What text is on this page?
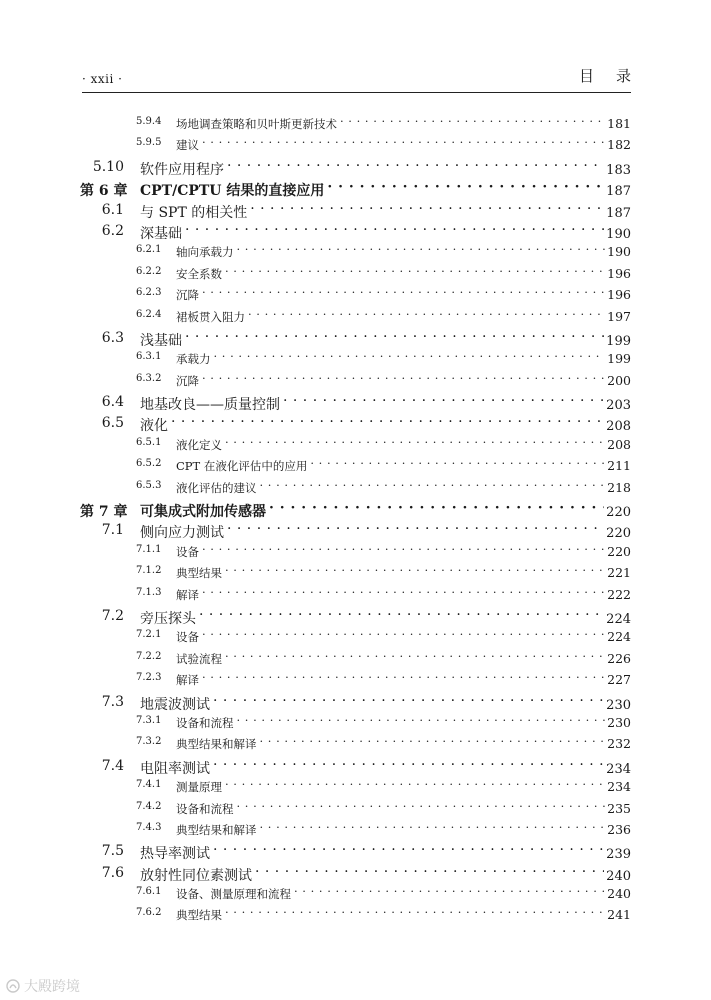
· xxii ·	目录
5.9.4 场地调查策略和贝叶斯更新技术 · · ·	181
5.9.5 建议 · · ·	182
5.10 软件应用程序 · · ·	183
第 6 章 CPT/CPTU 结果的直接应用 · · ·	187
6.1 与 SPT 的相关性 · · ·	187
6.2 深基础 · · ·	190
6.2.1 轴向承载力 · · ·	190
6.2.2 安全系数 · · ·	196
6.2.3 沉降 · · ·	196
6.2.4 裙板贯入阻力 · · ·	197
6.3 浅基础 · · ·	199
6.3.1 承载力 · · ·	199
6.3.2 沉降 · · ·	200
6.4 地基改良——质量控制 · · ·	203
6.5 液化 · · ·	208
6.5.1 液化定义 · · ·	208
6.5.2 CPT 在液化评估中的应用 · · ·	211
6.5.3 液化评估的建议 · · ·	218
第 7 章 可集成式附加传感器 · · ·	220
7.1 侧向应力测试 · · ·	220
7.1.1 设备 · · ·	220
7.1.2 典型结果 · · ·	221
7.1.3 解译 · · ·	222
7.2 旁压探头 · · ·	224
7.2.1 设备 · · ·	224
7.2.2 试验流程 · · ·	226
7.2.3 解译 · · ·	227
7.3 地震波测试 · · ·	230
7.3.1 设备和流程 · · ·	230
7.3.2 典型结果和解译 · · ·	232
7.4 电阻率测试 · · ·	234
7.4.1 测量原理 · · ·	234
7.4.2 设备和流程 · · ·	235
7.4.3 典型结果和解译 · · ·	236
7.5 热导率测试 · · ·	239
7.6 放射性同位素测试 · · ·	240
7.6.1 设备、测量原理和流程 · · ·	240
7.6.2 典型结果 · · ·	241
大殿跨境
